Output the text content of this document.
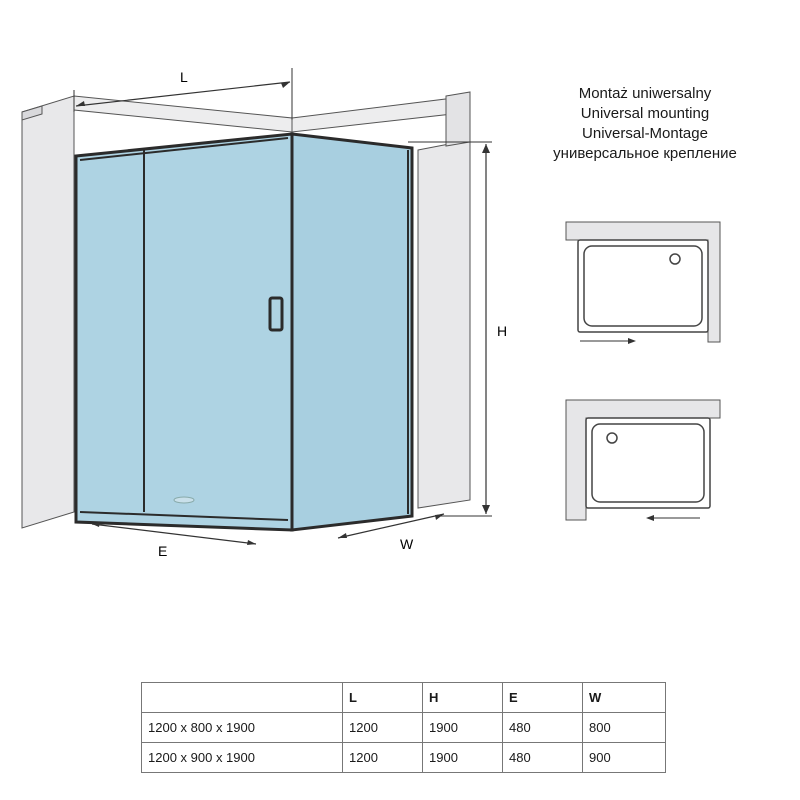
L
H
E	W
Montaż uniwersalny
Universal mounting
Universal-Montage
универсальное крепление
	L	H	E	W
1200 x 800 x 1900	1200	1900	480	800
1200 x 900 x 1900	1200	1900	480	900
